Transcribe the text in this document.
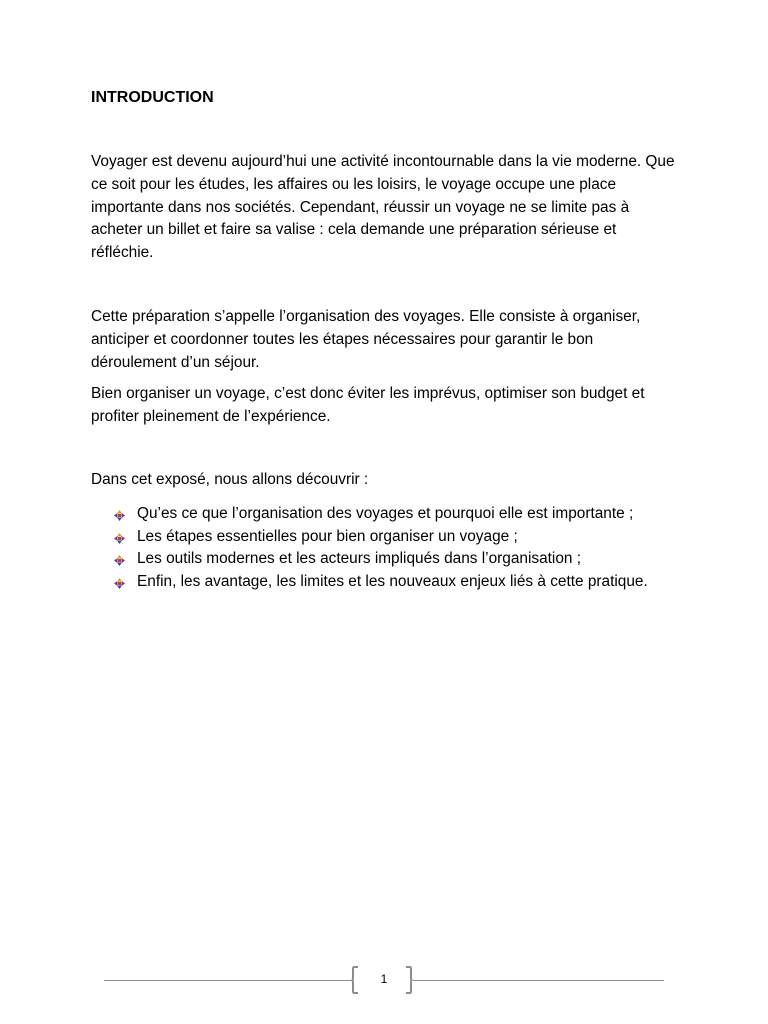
INTRODUCTION

Voyager est devenu aujourd’hui une activité incontournable dans la vie moderne. Que ce soit pour les études, les affaires ou les loisirs, le voyage occupe une place importante dans nos sociétés. Cependant, réussir un voyage ne se limite pas à acheter un billet et faire sa valise : cela demande une préparation sérieuse et réfléchie.

Cette préparation s’appelle l’organisation des voyages. Elle consiste à organiser, anticiper et coordonner toutes les étapes nécessaires pour garantir le bon déroulement d’un séjour.

Bien organiser un voyage, c’est donc éviter les imprévus, optimiser son budget et profiter pleinement de l’expérience.

Dans cet exposé, nous allons découvrir :

Qu’es ce que l’organisation des voyages et pourquoi elle est importante ;
Les étapes essentielles pour bien organiser un voyage ;
Les outils modernes et les acteurs impliqués dans l’organisation ;
Enfin, les avantage, les limites et les nouveaux enjeux liés à cette pratique.
1
